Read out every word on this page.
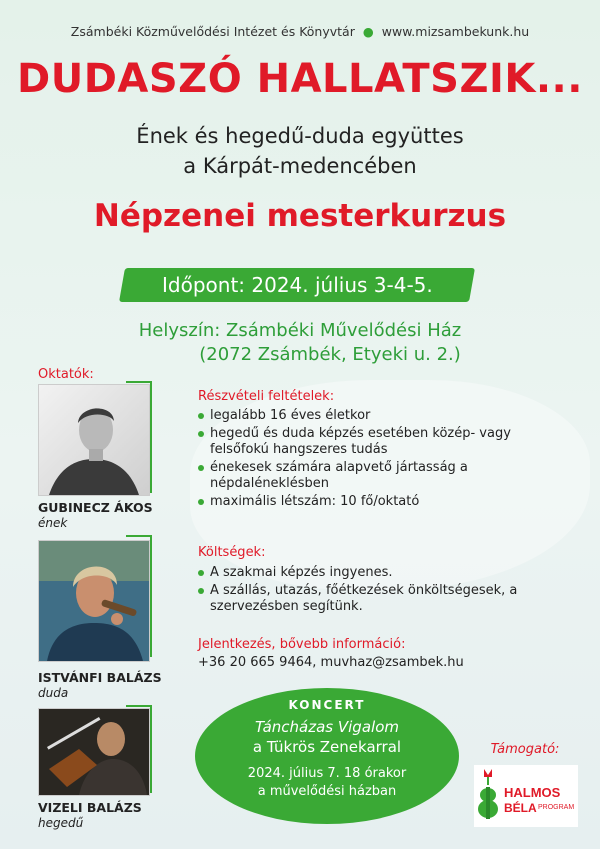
Zsámbéki Közművelődési Intézet és Könyvtár ● www.mizsambekunk.hu
DUDASZÓ HALLATSZIK...
Ének és hegedű-duda együttes
a Kárpát-medencében
Népzenei mesterkurzus
Időpont: 2024. július 3-4-5.
Helyszín: Zsámbéki Művelődési Ház
(2072 Zsámbék, Etyeki u. 2.)
Oktatók:
GUBINECZ ÁKOS
ének
ISTVÁNFI BALÁZS
duda
VIZELI BALÁZS
hegedű
Részvételi feltételek:
legalább 16 éves életkor
hegedű és duda képzés esetében közép- vagy felsőfokú hangszeres tudás
énekesek számára alapvető jártasság a népdaléneklésben
maximális létszám: 10 fő/oktató
Költségek:
A szakmai képzés ingyenes.
A szállás, utazás, főétkezések önköltségesek, a szervezésben segítünk.
Jelentkezés, bővebb információ:
+36 20 665 9464, muvhaz@zsambek.hu
KONCERT
Táncházas Vigalom
a Tükrös Zenekarral
2024. július 7. 18 órakor
a művelődési házban
Támogató:
HALMOS
BÉLA PROGRAM
